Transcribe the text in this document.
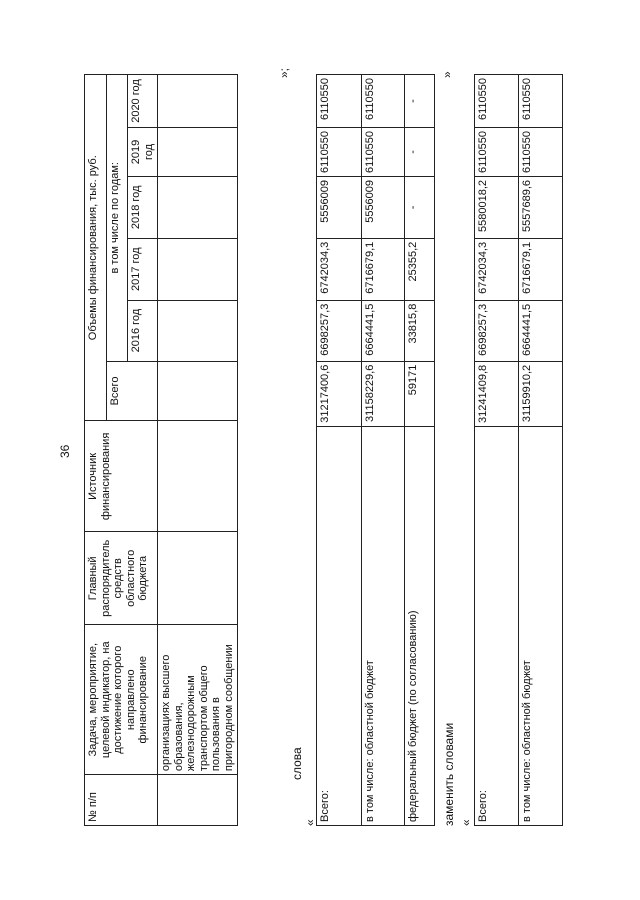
36
№ п/п	Задача, мероприятие, целевой индикатор, на достижение которого направлено финансирование	Главный распорядитель средств областного бюджета	Источник финансирования	Объемы финансирования, тыс. руб.					
				Всего	в том числе по годам:				
					2016 год	2017 год	2018 год	2019 год	2020 год
	организациях высшего образования, железнодорожным транспортом общего пользования в пригородном сообщении								
»;
слова
«
Всего:	31217400,6	6698257,3	6742034,3	5556009	6110550	6110550
в том числе: областной бюджет	31158229,6	6664441,5	6716679,1	5556009	6110550	6110550
федеральный бюджет (по согласованию)	59171	33815,8	25355,2	-	-	-
»
заменить словами «
Всего:	31241409,8	6698257,3	6742034,3	5580018,2	6110550	6110550
в том числе: областной бюджет	31159910,2	6664441,5	6716679,1	5557689,6	6110550	6110550
